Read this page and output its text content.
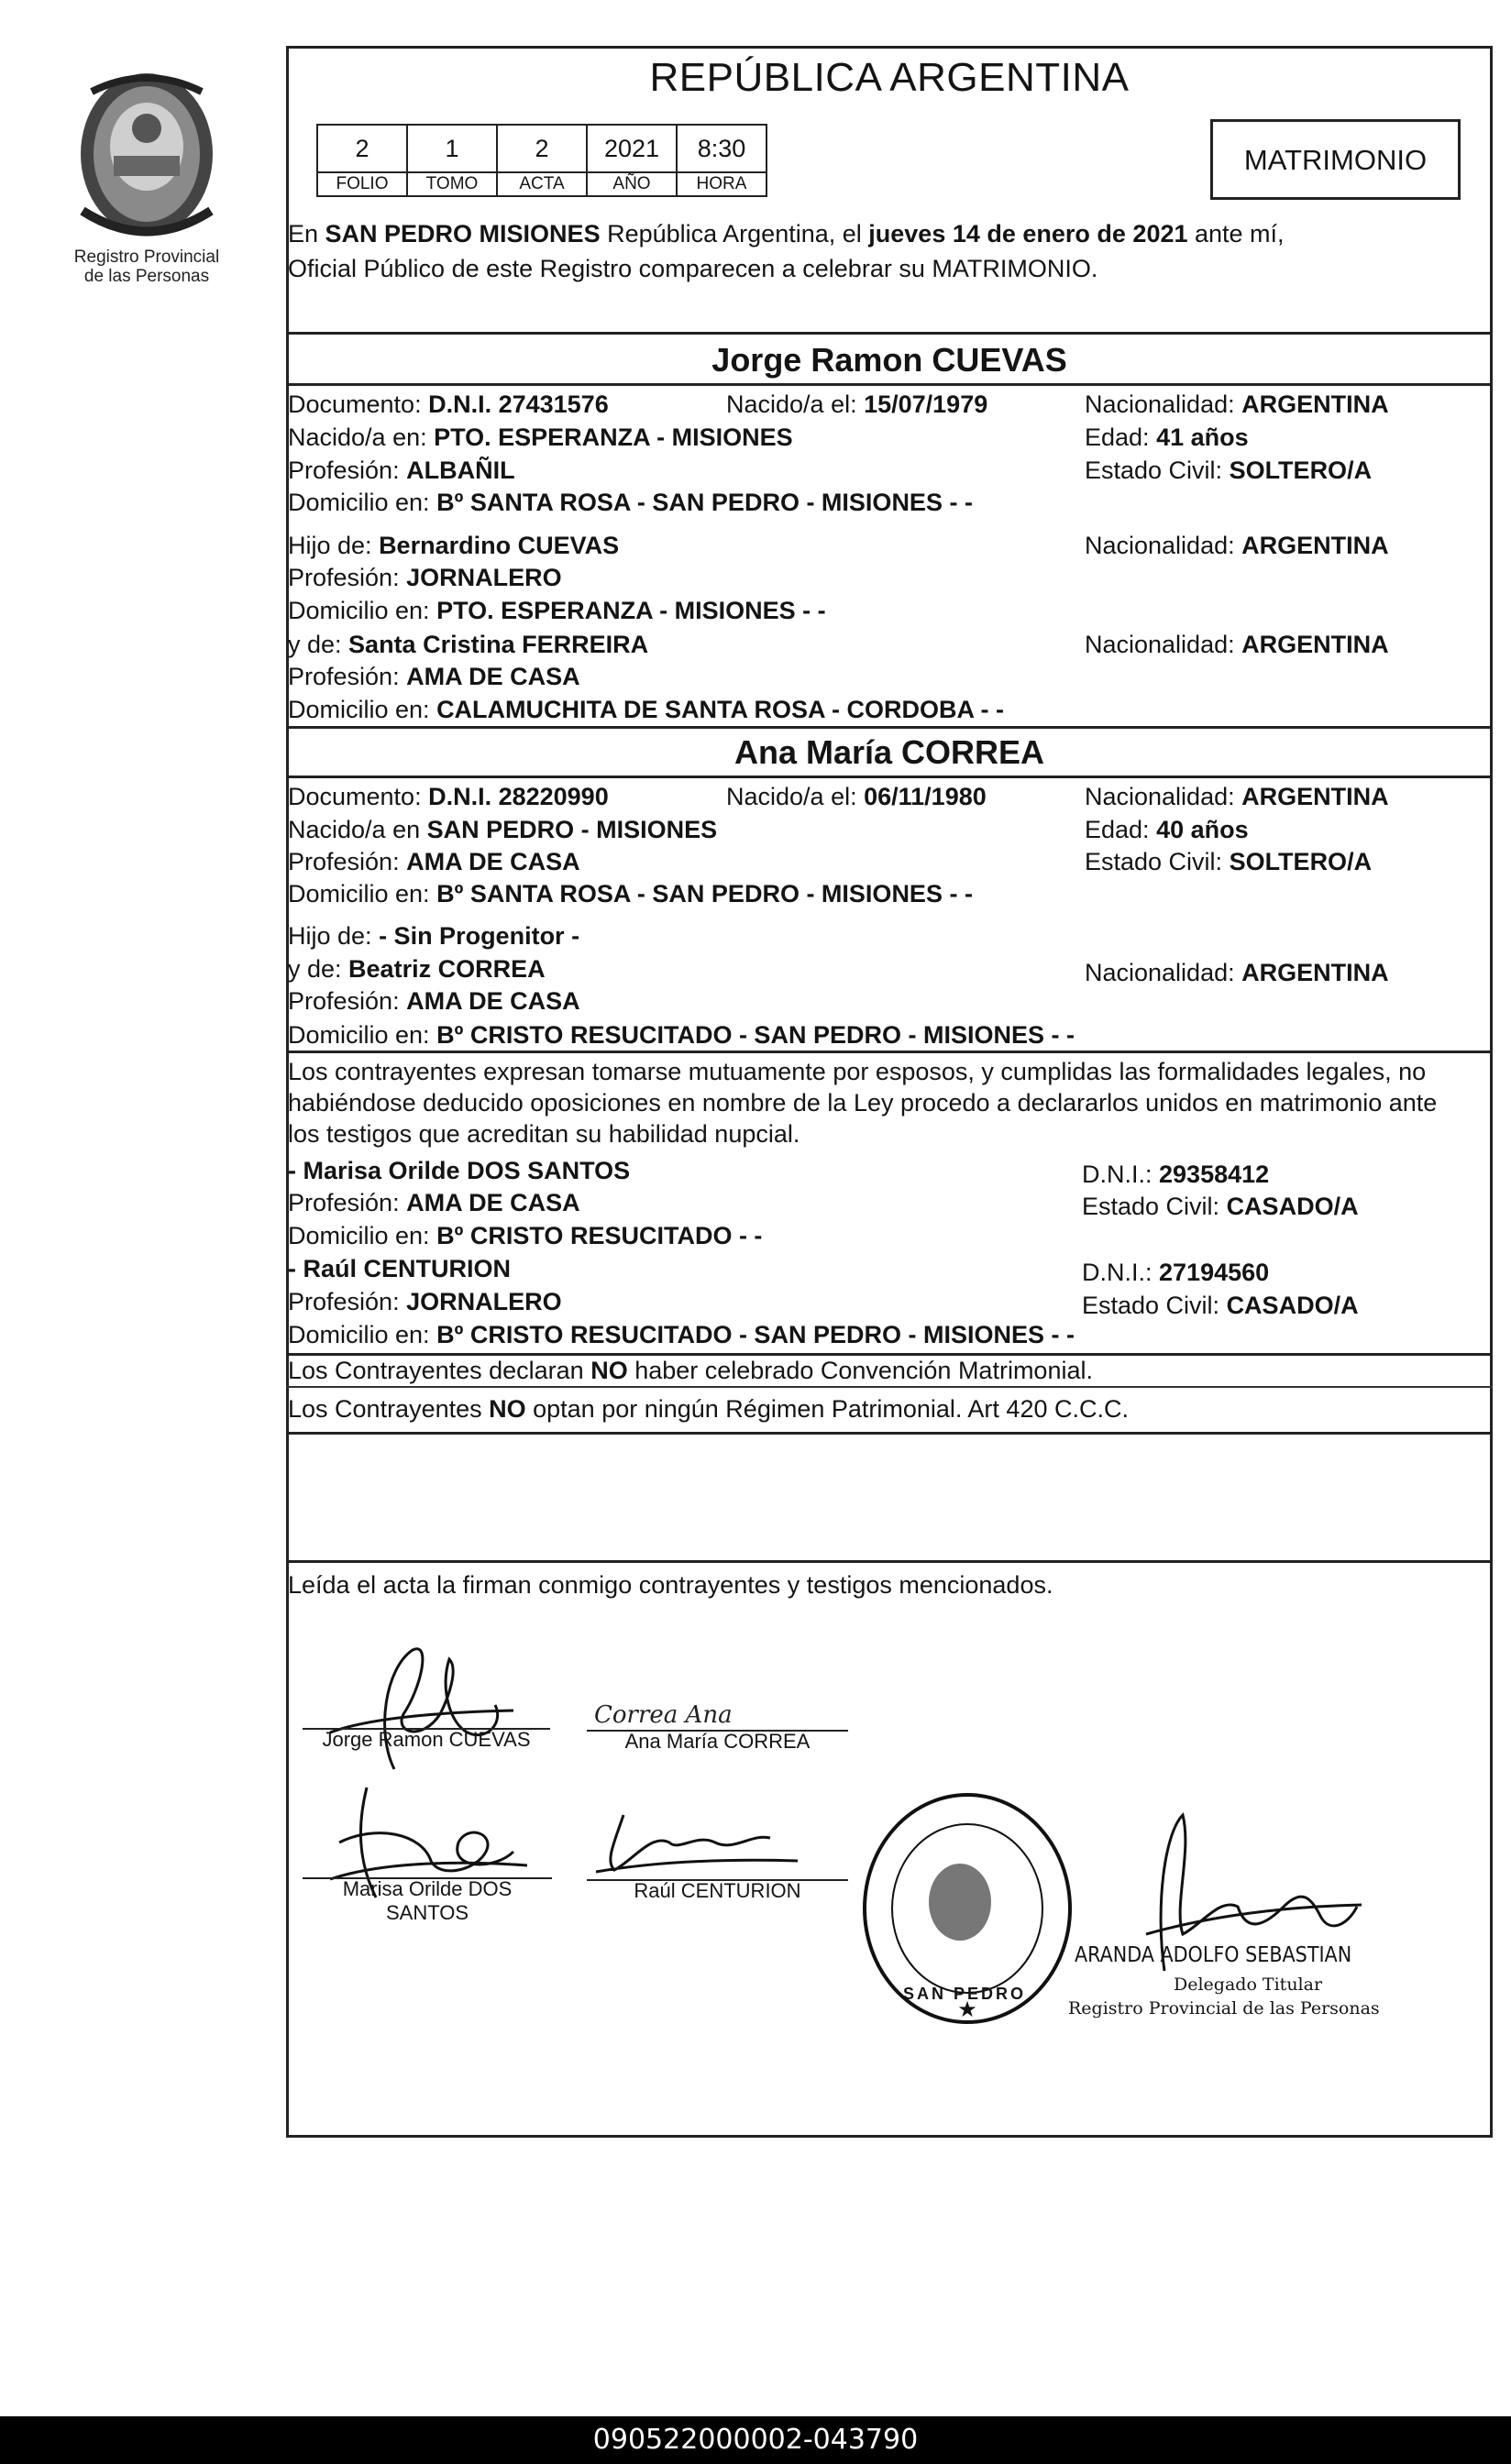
Registro Provincial
de las Personas
REPÚBLICA ARGENTINA
2	1	2	2021	8:30
FOLIO	TOMO	ACTA	AÑO	HORA
MATRIMONIO
En SAN PEDRO MISIONES República Argentina, el jueves 14 de enero de 2021 ante mí,
Oficial Público de este Registro comparecen a celebrar su MATRIMONIO.
Jorge Ramon CUEVAS
Documento: D.N.I. 27431576	Nacido/a el: 15/07/1979	Nacionalidad: ARGENTINA
Nacido/a en: PTO. ESPERANZA - MISIONES	Edad: 41 años
Profesión: ALBAÑIL	Estado Civil: SOLTERO/A
Domicilio en: Bº SANTA ROSA - SAN PEDRO - MISIONES - -
Hijo de: Bernardino CUEVAS	Nacionalidad: ARGENTINA
Profesión: JORNALERO
Domicilio en: PTO. ESPERANZA - MISIONES - -
y de: Santa Cristina FERREIRA	Nacionalidad: ARGENTINA
Profesión: AMA DE CASA
Domicilio en: CALAMUCHITA DE SANTA ROSA - CORDOBA - -
Ana María CORREA
Documento: D.N.I. 28220990	Nacido/a el: 06/11/1980	Nacionalidad: ARGENTINA
Nacido/a en SAN PEDRO - MISIONES	Edad: 40 años
Profesión: AMA DE CASA	Estado Civil: SOLTERO/A
Domicilio en: Bº SANTA ROSA - SAN PEDRO - MISIONES - -
Hijo de: - Sin Progenitor -
y de: Beatriz CORREA	Nacionalidad: ARGENTINA
Profesión: AMA DE CASA
Domicilio en: Bº CRISTO RESUCITADO - SAN PEDRO - MISIONES - -
Los contrayentes expresan tomarse mutuamente por esposos, y cumplidas las formalidades legales, no
habiéndose deducido oposiciones en nombre de la Ley procedo a declararlos unidos en matrimonio ante
los testigos que acreditan su habilidad nupcial.
- Marisa Orilde DOS SANTOS	D.N.I.: 29358412
Profesión: AMA DE CASA	Estado Civil: CASADO/A
Domicilio en: Bº CRISTO RESUCITADO - -
- Raúl CENTURION	D.N.I.: 27194560
Profesión: JORNALERO	Estado Civil: CASADO/A
Domicilio en: Bº CRISTO RESUCITADO - SAN PEDRO - MISIONES - -
Los Contrayentes declaran NO haber celebrado Convención Matrimonial.
Los Contrayentes NO optan por ningún Régimen Patrimonial. Art 420 C.C.C.
Leída el acta la firman conmigo contrayentes y testigos mencionados.
Jorge Ramon CUEVAS
Correa Ana
Ana María CORREA
Marisa Orilde DOS
SANTOS
Raúl CENTURION
★
SAN PEDRO
ARANDA ADOLFO SEBASTIAN
Delegado Titular
Registro Provincial de las Personas
090522000002-043790
